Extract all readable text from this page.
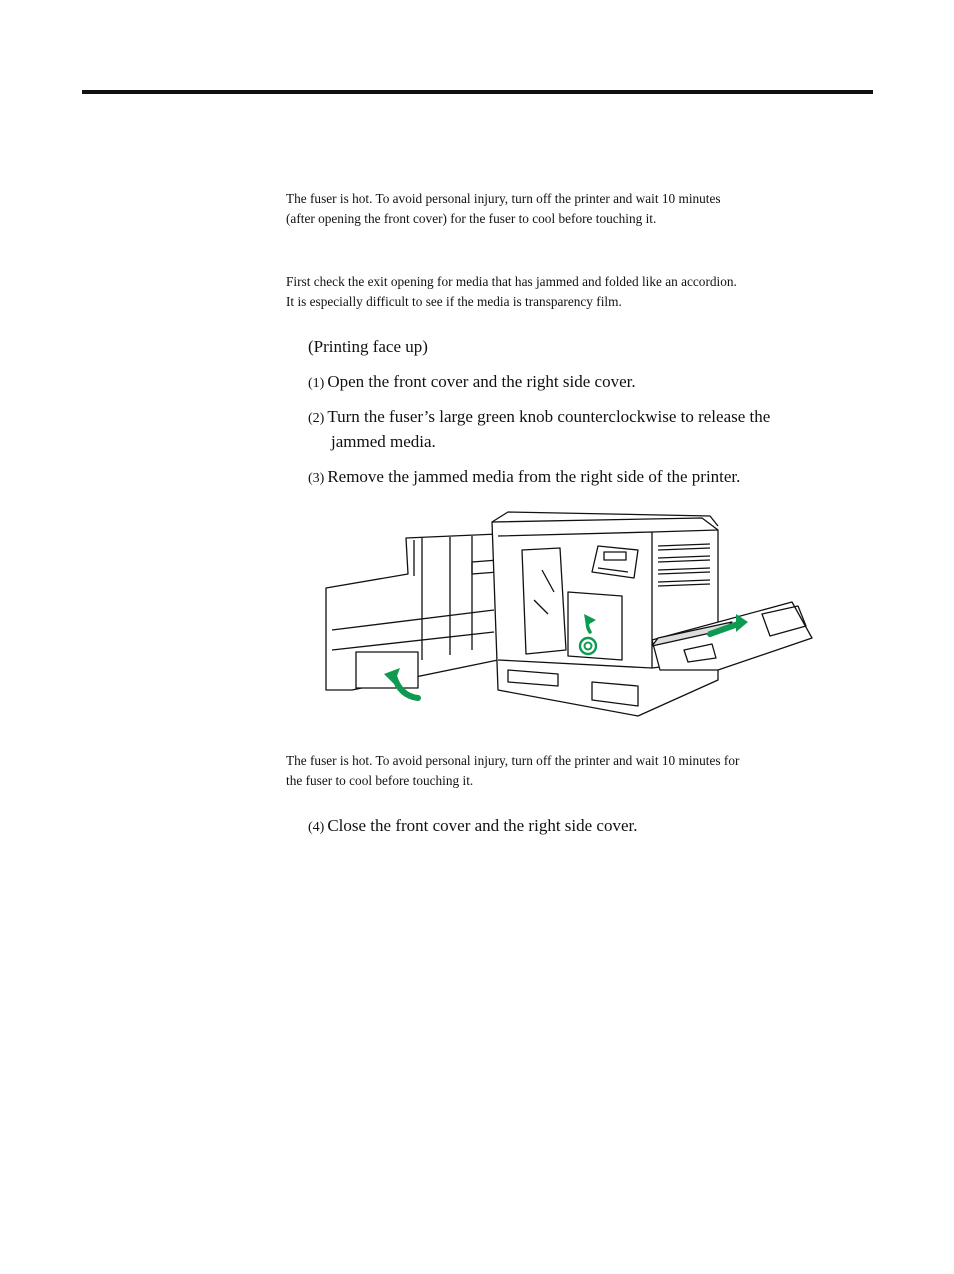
The fuser is hot. To avoid personal injury, turn off the printer and wait 10 minutes
(after opening the front cover) for the fuser to cool before touching it.
First check the exit opening for media that has jammed and folded like an accordion.
It is especially difficult to see if the media is transparency film.
(Printing face up)
(1) Open the front cover and the right side cover.
(2) Turn the fuser’s large green knob counterclockwise to release the
jammed media.
(3) Remove the jammed media from the right side of the printer.
The fuser is hot. To avoid personal injury, turn off the printer and wait 10 minutes for
the fuser to cool before touching it.
(4) Close the front cover and the right side cover.
